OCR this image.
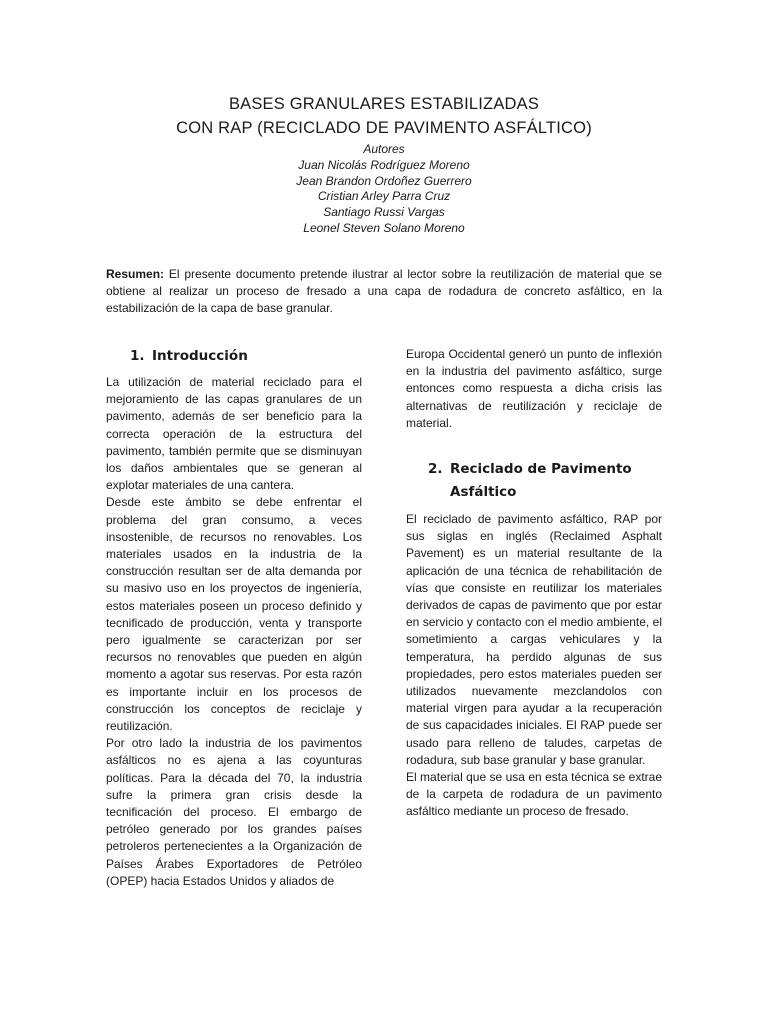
BASES GRANULARES ESTABILIZADAS
CON RAP (RECICLADO DE PAVIMENTO ASFÁLTICO)
Autores
Juan Nicolás Rodríguez Moreno
Jean Brandon Ordoñez Guerrero
Cristian Arley Parra Cruz
Santiago Russi Vargas
Leonel Steven Solano Moreno
Resumen: El presente documento pretende ilustrar al lector sobre la reutilización de material que se obtiene al realizar un proceso de fresado a una capa de rodadura de concreto asfáltico, en la estabilización de la capa de base granular.
1. Introducción

La utilización de material reciclado para el mejoramiento de las capas granulares de un pavimento, además de ser beneficio para la correcta operación de la estructura del pavimento, también permite que se disminuyan los daños ambientales que se generan al explotar materiales de una cantera.

Desde este ámbito se debe enfrentar el problema del gran consumo, a veces insostenible, de recursos no renovables. Los materiales usados en la industria de la construcción resultan ser de alta demanda por su masivo uso en los proyectos de ingeniería, estos materiales poseen un proceso definido y tecnificado de producción, venta y transporte pero igualmente se caracterizan por ser recursos no renovables que pueden en algún momento a agotar sus reservas. Por esta razón es importante incluir en los procesos de construcción los conceptos de reciclaje y reutilización.

Por otro lado la industria de los pavimentos asfálticos no es ajena a las coyunturas políticas. Para la década del 70, la industria sufre la primera gran crisis desde la tecnificación del proceso. El embargo de petróleo generado por los grandes países petroleros pertenecientes a la Organización de Países Árabes Exportadores de Petróleo (OPEP) hacia Estados Unidos y aliados de

Europa Occidental generó un punto de inflexión en la industria del pavimento asfáltico, surge entonces como respuesta a dicha crisis las alternativas de reutilización y reciclaje de material.

2. Reciclado de Pavimento
Asfáltico

El reciclado de pavimento asfáltico, RAP por sus siglas en inglés (Reclaimed Asphalt Pavement) es un material resultante de la aplicación de una técnica de rehabilitación de vías que consiste en reutilizar los materiales derivados de capas de pavimento que por estar en servicio y contacto con el medio ambiente, el sometimiento a cargas vehiculares y la temperatura, ha perdido algunas de sus propiedades, pero estos materiales pueden ser utilizados nuevamente mezclandolos con material virgen para ayudar a la recuperación de sus capacidades iniciales. El RAP puede ser usado para relleno de taludes, carpetas de rodadura, sub base granular y base granular.

El material que se usa en esta técnica se extrae de la carpeta de rodadura de un pavimento asfáltico mediante un proceso de fresado.
